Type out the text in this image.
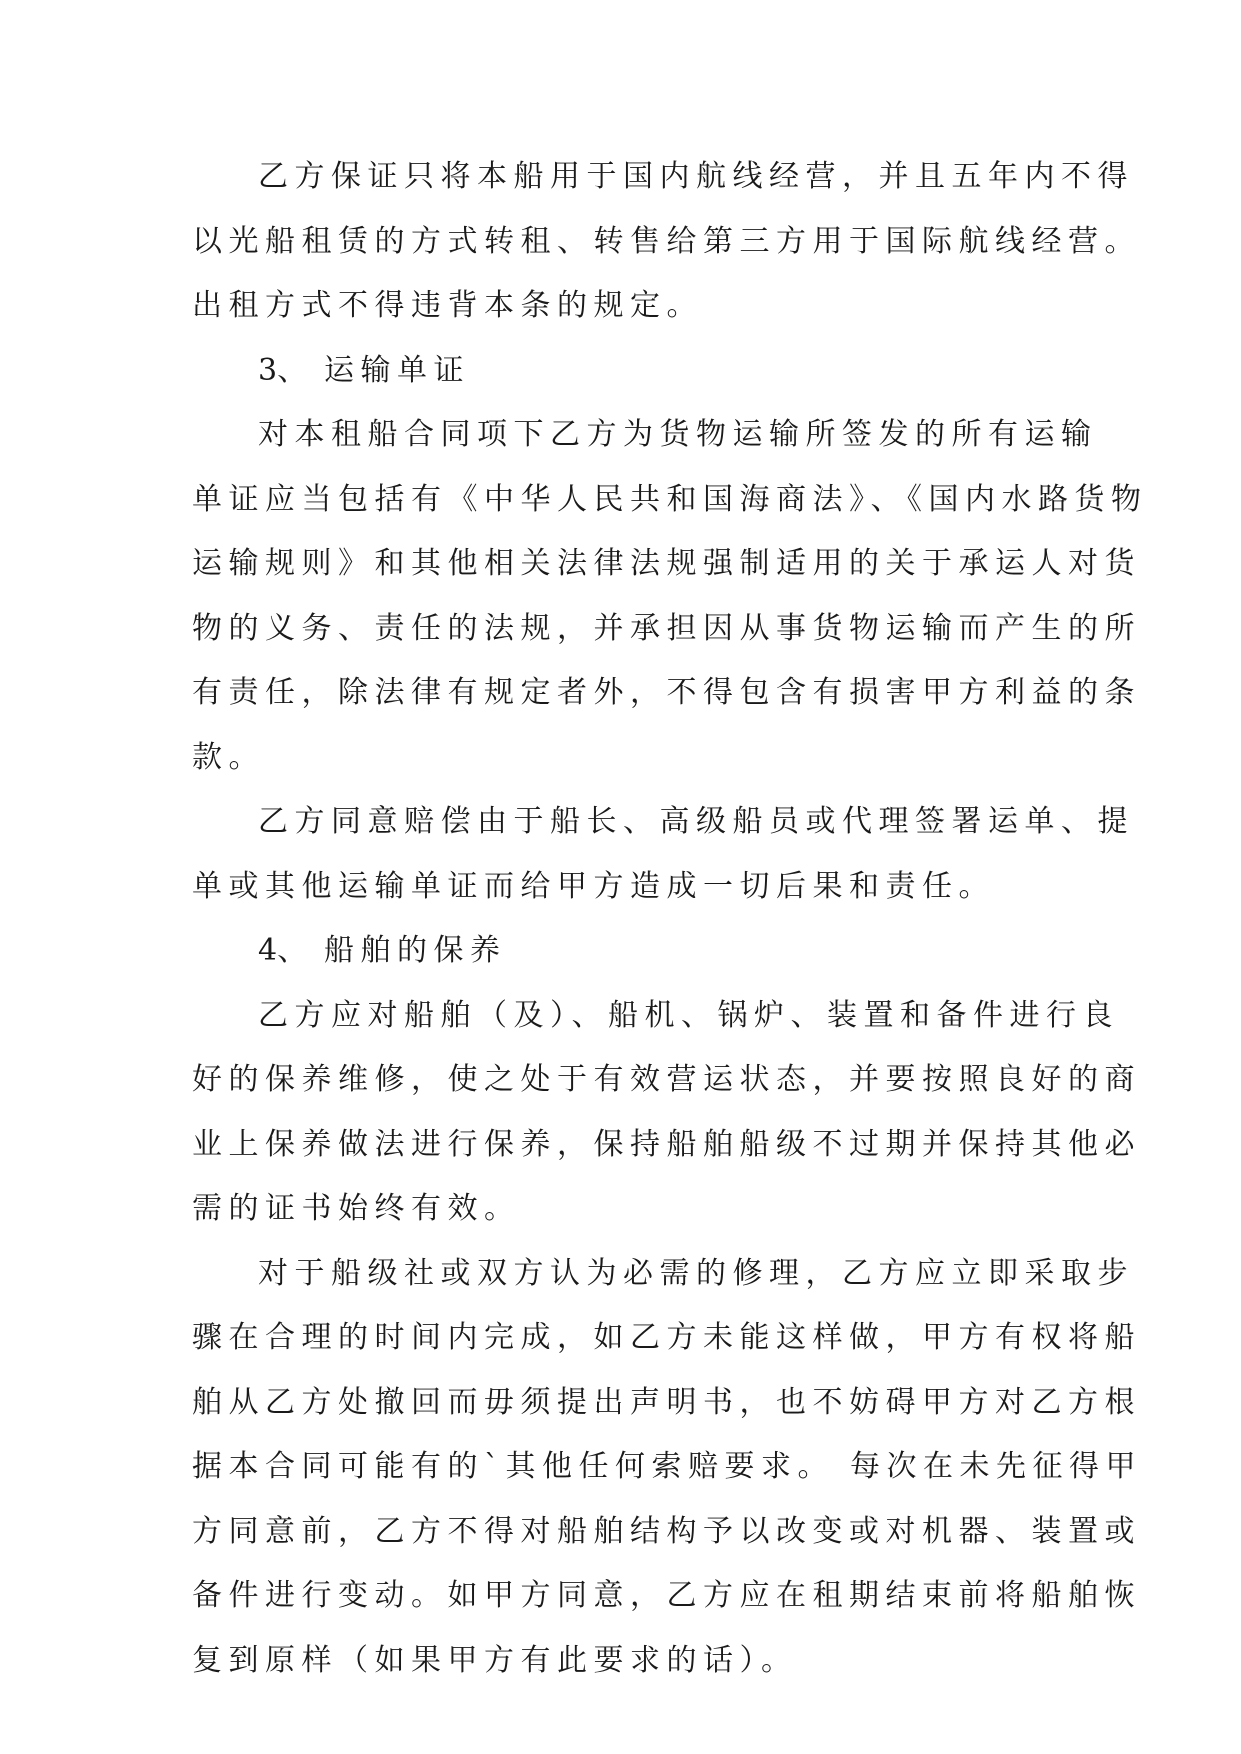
乙方保证只将本船用于国内航线经营，并且五年内不得
以光船租赁的方式转租、转售给第三方用于国际航线经营。
出租方式不得违背本条的规定。
3、 运输单证
对本租船合同项下乙方为货物运输所签发的所有运输
单证应当包括有《中华人民共和国海商法》、《国内水路货物
运输规则》和其他相关法律法规强制适用的关于承运人对货
物的义务、责任的法规，并承担因从事货物运输而产生的所
有责任，除法律有规定者外，不得包含有损害甲方利益的条
款。
乙方同意赔偿由于船长、高级船员或代理签署运单、提
单或其他运输单证而给甲方造成一切后果和责任。
4、 船舶的保养
乙方应对船舶（及）、船机、锅炉、装置和备件进行良
好的保养维修，使之处于有效营运状态，并要按照良好的商
业上保养做法进行保养，保持船舶船级不过期并保持其他必
需的证书始终有效。
对于船级社或双方认为必需的修理，乙方应立即采取步
骤在合理的时间内完成，如乙方未能这样做，甲方有权将船
舶从乙方处撤回而毋须提出声明书，也不妨碍甲方对乙方根
据本合同可能有的`其他任何索赔要求。 每次在未先征得甲
方同意前，乙方不得对船舶结构予以改变或对机器、装置或
备件进行变动。如甲方同意，乙方应在租期结束前将船舶恢
复到原样（如果甲方有此要求的话）。
